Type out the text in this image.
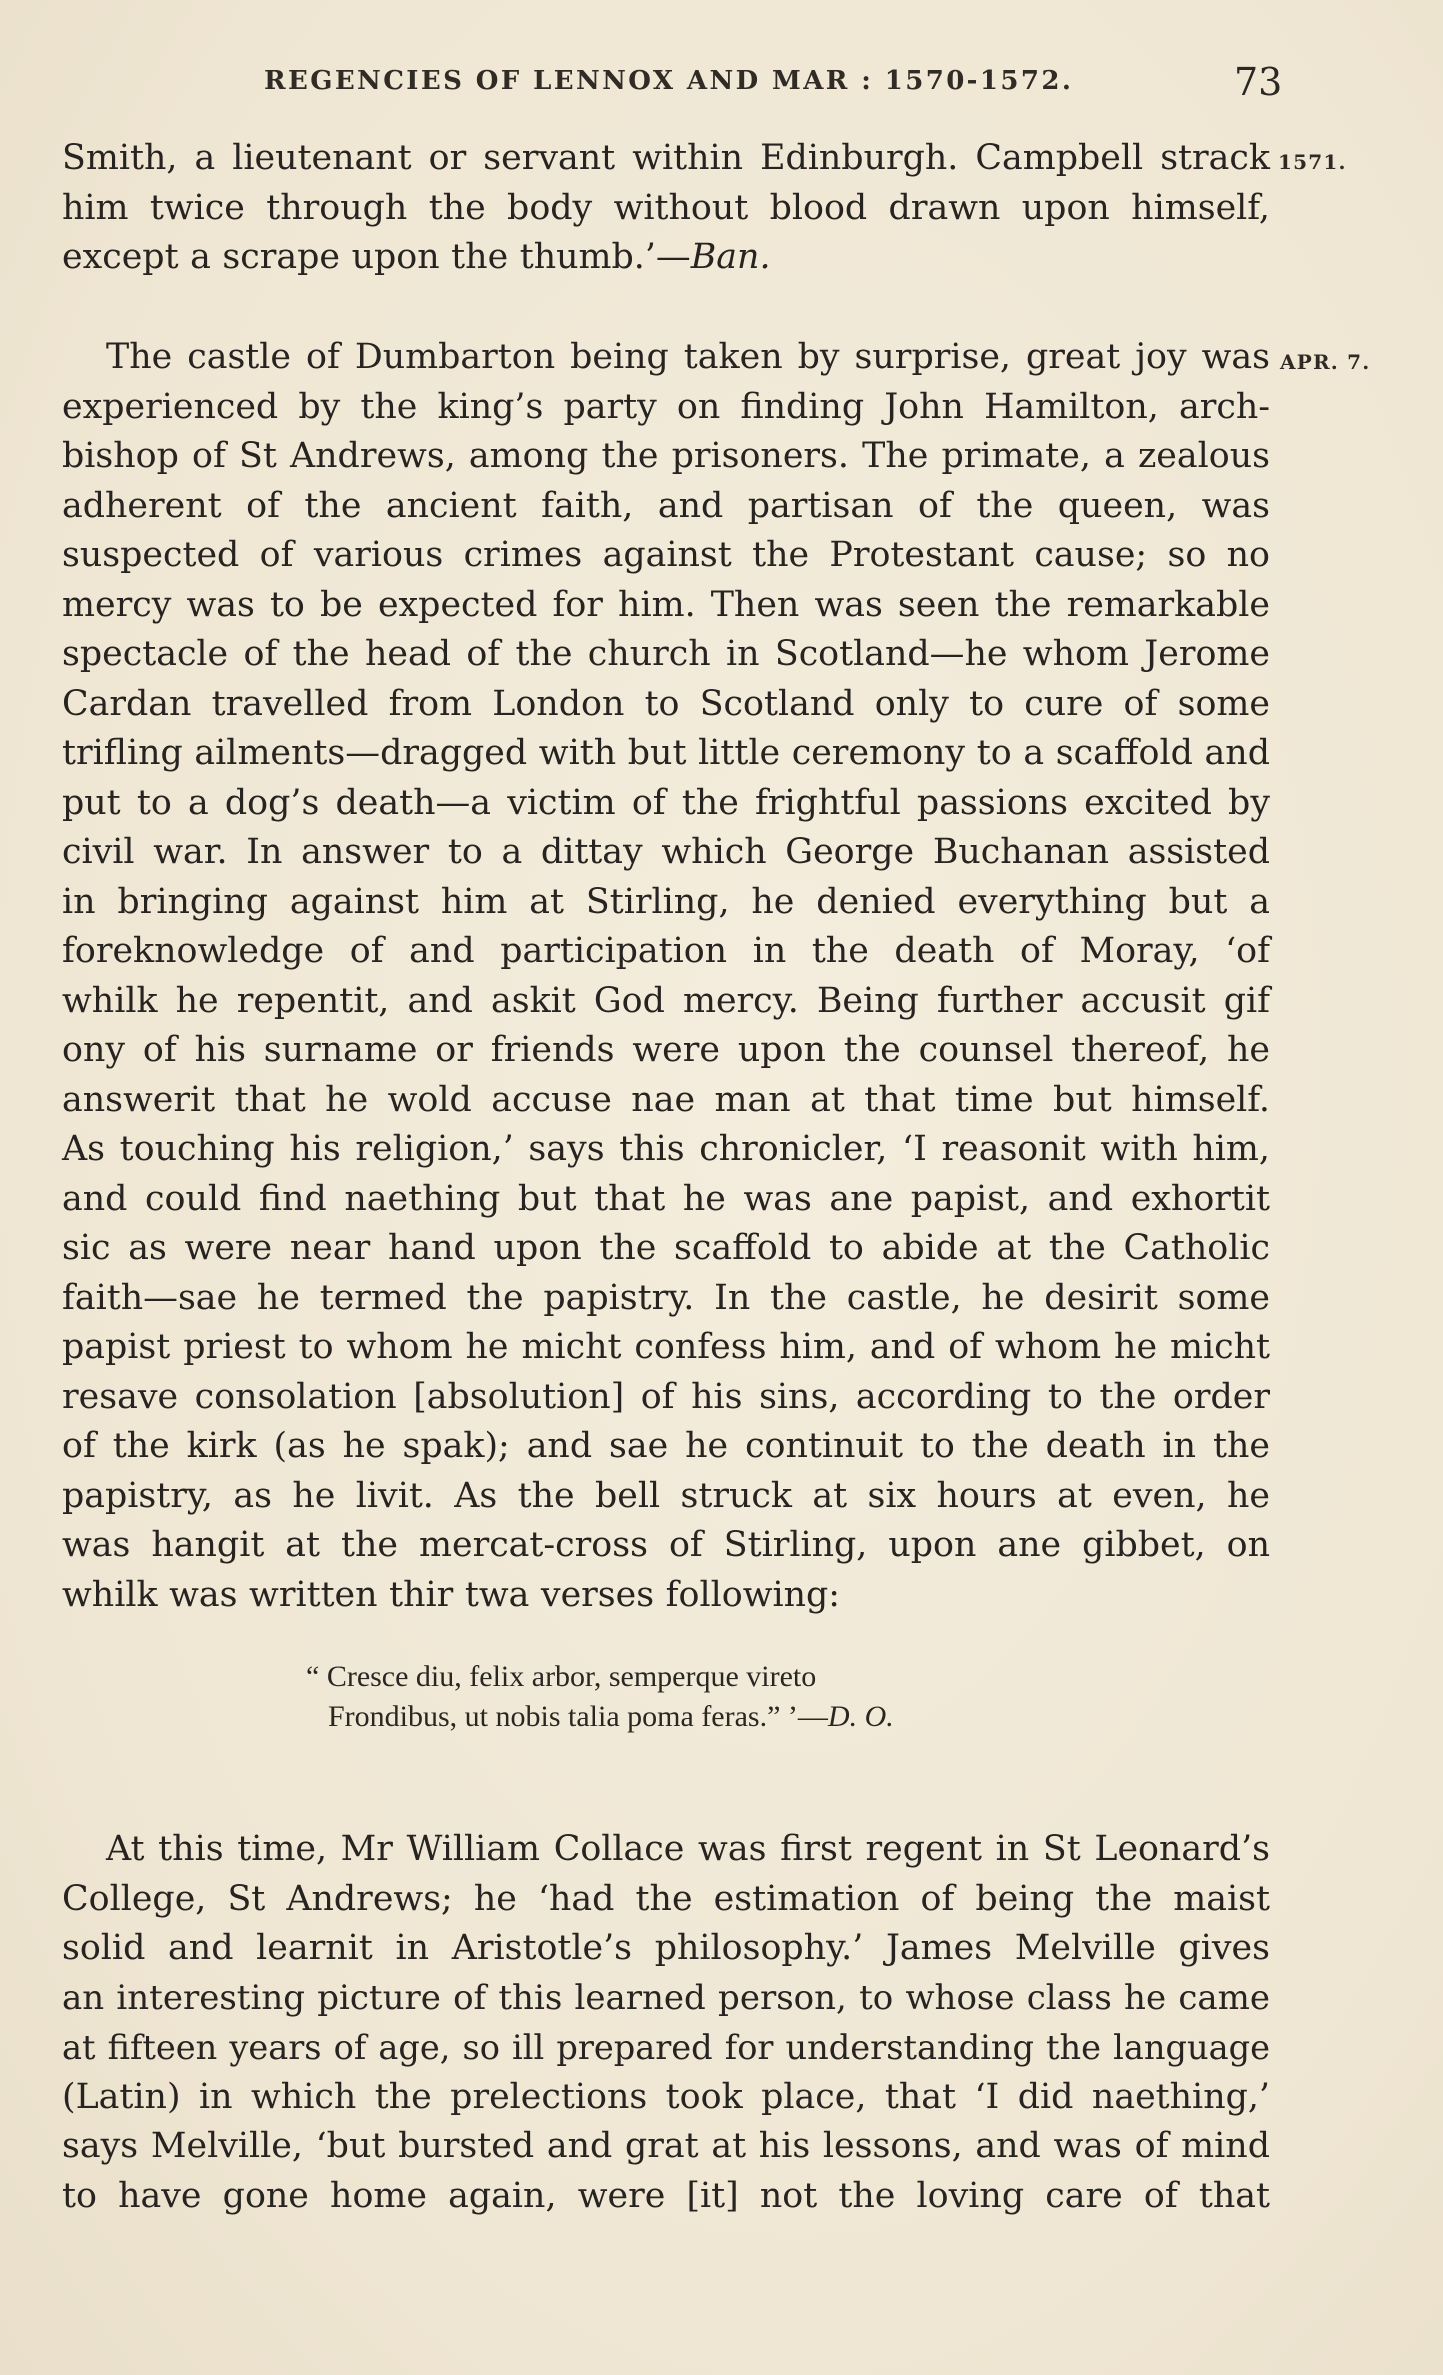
REGENCIES OF LENNOX AND MAR : 1570-1572.	73
1571.
APR. 7.
Smith, a lieutenant or servant within Edinburgh. Campbell strack
him twice through the body without blood drawn upon himself,
except a scrape upon the thumb.’—Ban.
The castle of Dumbarton being taken by surprise, great joy was
experienced by the king’s party on finding John Hamilton, arch-
bishop of St Andrews, among the prisoners. The primate, a zealous
adherent of the ancient faith, and partisan of the queen, was
suspected of various crimes against the Protestant cause; so no
mercy was to be expected for him. Then was seen the remarkable
spectacle of the head of the church in Scotland—he whom Jerome
Cardan travelled from London to Scotland only to cure of some
trifling ailments—dragged with but little ceremony to a scaffold and
put to a dog’s death—a victim of the frightful passions excited by
civil war. In answer to a dittay which George Buchanan assisted
in bringing against him at Stirling, he denied everything but a
foreknowledge of and participation in the death of Moray, ‘of
whilk he repentit, and askit God mercy. Being further accusit gif
ony of his surname or friends were upon the counsel thereof, he
answerit that he wold accuse nae man at that time but himself.
As touching his religion,’ says this chronicler, ‘I reasonit with him,
and could find naething but that he was ane papist, and exhortit
sic as were near hand upon the scaffold to abide at the Catholic
faith—sae he termed the papistry. In the castle, he desirit some
papist priest to whom he micht confess him, and of whom he micht
resave consolation [absolution] of his sins, according to the order
of the kirk (as he spak); and sae he continuit to the death in the
papistry, as he livit. As the bell struck at six hours at even, he
was hangit at the mercat-cross of Stirling, upon ane gibbet, on
whilk was written thir twa verses following:
“ Cresce diu, felix arbor, semperque vireto
Frondibus, ut nobis talia poma feras.” ’—D. O.
At this time, Mr William Collace was first regent in St Leonard’s
College, St Andrews; he ‘had the estimation of being the maist
solid and learnit in Aristotle’s philosophy.’ James Melville gives
an interesting picture of this learned person, to whose class he came
at fifteen years of age, so ill prepared for understanding the language
(Latin) in which the prelections took place, that ‘I did naething,’
says Melville, ‘but bursted and grat at his lessons, and was of mind
to have gone home again, were [it] not the loving care of that
